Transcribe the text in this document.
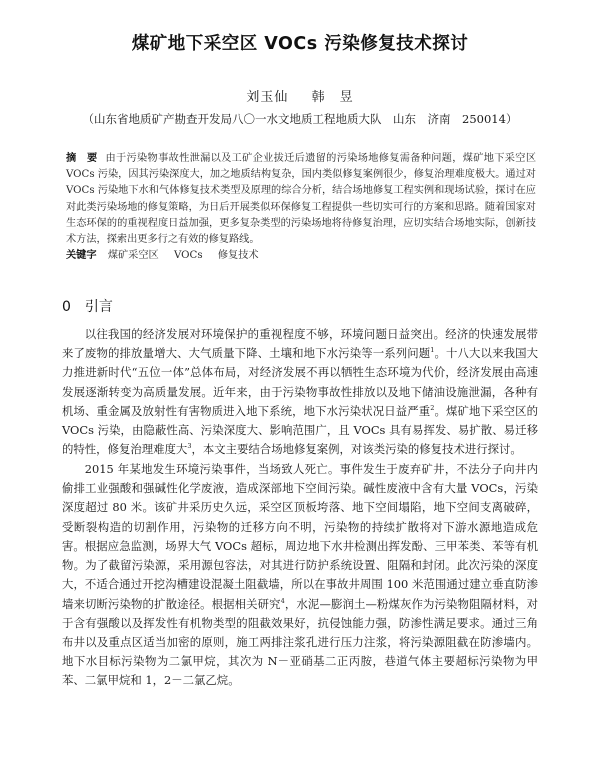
煤矿地下采空区 VOCs 污染修复技术探讨
刘玉仙 韩　昱
（山东省地质矿产勘查开发局八〇一水文地质工程地质大队　山东　济南　250014）
摘　要 由于污染物事故性泄漏以及工矿企业拔迁后遗留的污染场地修复需备种问题，煤矿地下采空区 VOCs 污染，因其污染深度大，加之地质结构复杂，国内类似修复案例很少，修复治理难度极大。通过对 VOCs 污染地下水和气体修复技术类型及原理的综合分析，结合场地修复工程实例和现场试验，探讨在应对此类污染场地的修复策略，为日后开展类似环保修复工程提供一些切实可行的方案和思路。随着国家对生态环保的的重视程度日益加强，更多复杂类型的污染场地将待修复治理，应切实结合场地实际，创新技术方法，探索出更多行之有效的修复路线。
关键字 煤矿采空区 VOCs 修复技术
0 引言

以往我国的经济发展对环境保护的重视程度不够，环境问题日益突出。经济的快速发展带来了废物的排放量增大、大气质量下降、土壤和地下水污染等一系列问题$^1$。十八大以来我国大力推进新时代“五位一体”总体布局，对经济发展不再以牺牲生态环境为代价，经济发展由高速发展逐渐转变为高质量发展。近年来，由于污染物事故性排放以及地下储油设施泄漏，各种有机场、重金属及放射性有害物质进入地下系统，地下水污染状况日益严重$^2$。煤矿地下采空区的 VOCs 污染，由隐蔽性高、污染深度大、影响范围广，且 VOCs 具有易挥发、易扩散、易迁移的特性，修复治理难度大$^3$，本文主要结合场地修复案例，对该类污染的修复技术进行探讨。

2015 年某地发生环境污染事件，当场致人死亡。事件发生于废弃矿井，不法分子向井内偷排工业强酸和强碱性化学废液，造成深部地下空间污染。碱性废液中含有大量 VOCs，污染深度超过 80 米。该矿井采历史久远，采空区顶板垮落、地下空间塌陷，地下空间支离破碎，受断裂构造的切割作用，污染物的迁移方向不明，污染物的持续扩散将对下游水源地造成危害。 根据应急监测，场界大气 VOCs 超标，周边地下水井检测出挥发酚、三甲苯类、苯等有机物。为了截留污染源，采用源包容法，对其进行防护系统设置、阻隔和封闭。此次污染的深度大，不适合通过开挖沟槽建设混凝土阻截墙，所以在事故井周围 100 米范围通过建立垂直防渗墙来切断污染物的扩散途径。根据相关研究$^4$，水泥—膨润土—粉煤灰作为污染物阻隔材料，对于含有强酸以及挥发性有机物类型的阻截效果好，抗侵蚀能力强，防渗性满足要求。通过三角布井以及重点区适当加密的原则，施工两排注浆孔进行压力注浆，将污染源阻截在防渗墙内。地下水目标污染物为二氯甲烷，其次为 N－亚硝基二正丙胺，巷道气体主要超标污染物为甲苯、二氯甲烷和 1，2－二氯乙烷。
